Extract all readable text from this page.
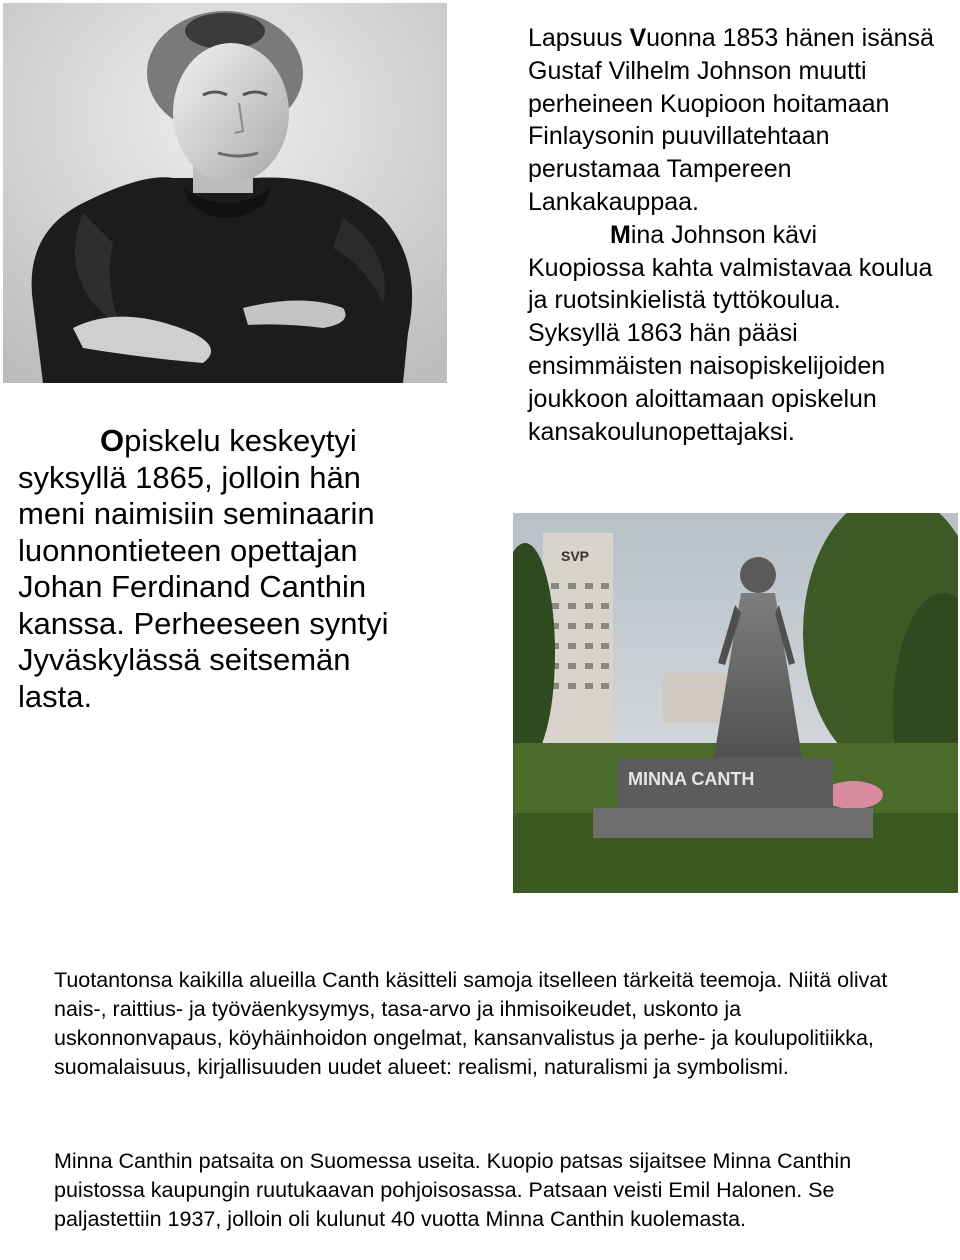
Opiskelu keskeytyi syksyllä 1865, jolloin hän meni naimisiin seminaarin luonnontieteen opettajan Johan Ferdinand Canthin kanssa. Perheeseen syntyi Jyväskylässä seitsemän lasta.
Lapsuus Vuonna 1853 hänen isänsä Gustaf Vilhelm Johnson muutti perheineen Kuopioon hoitamaan Finlaysonin puuvillatehtaan perustamaa Tampereen Lankakauppaa.
Mina Johnson kävi Kuopiossa kahta valmistavaa koulua ja ruotsinkielistä tyttökoulua. Syksyllä 1863 hän pääsi ensimmäisten naisopiskelijoiden joukkoon aloittamaan opiskelun kansakoulunopettajaksi.
SVP
MINNA CANTH
Tuotantonsa kaikilla alueilla Canth käsitteli samoja itselleen tärkeitä teemoja. Niitä olivat nais-, raittius- ja työväenkysymys, tasa-arvo ja ihmisoikeudet, uskonto ja uskonnonvapaus, köyhäinhoidon ongelmat, kansanvalistus ja perhe- ja koulupolitiikka, suomalaisuus, kirjallisuuden uudet alueet: realismi, naturalismi ja symbolismi.
Minna Canthin patsaita on Suomessa useita. Kuopio patsas sijaitsee Minna Canthin puistossa kaupungin ruutukaavan pohjoisosassa. Patsaan veisti Emil Halonen. Se paljastettiin 1937, jolloin oli kulunut 40 vuotta Minna Canthin kuolemasta.
